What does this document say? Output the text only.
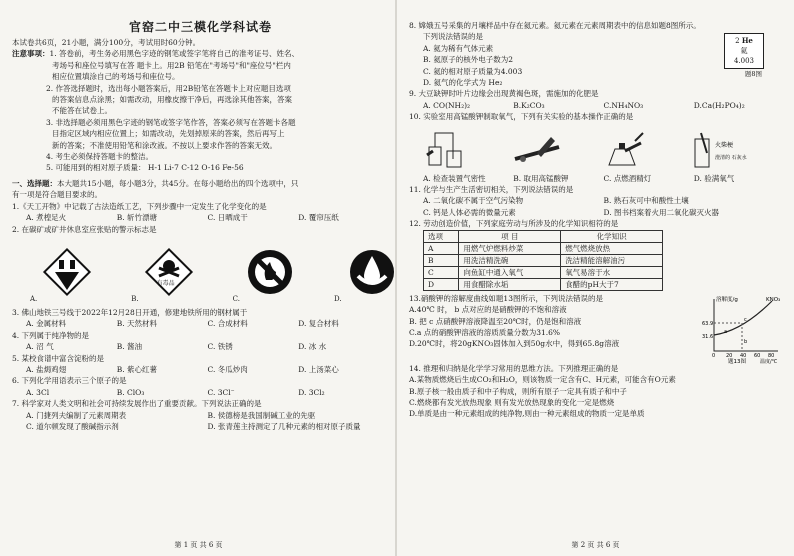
官窑二中三模化学科试卷
本试卷共6页，21小题，满分100分，考试用时60分钟。
注意事项：1. 答卷前，考生务必用黑色字迹的钢笔或签字笔将自己的准考证号、姓名、
考场号和座位号填写在答 题卡上。用2B 铅笔在"考场号"和"座位号"栏内
相应位置填涂自己的考场号和座位号。
2. 作答选择题时，选出每小题答案后，用2B铅笔在答题卡上对应题目选项
的答案信息点涂黑；如需改动，用橡皮擦干净后，再选涂其他答案，答案
不能答在试卷上。
3. 非选择题必须用黑色字迹的钢笔或签字笔作答，答案必须写在答题卡各题
目指定区域内相应位置上；如需改动，先划掉原来的答案，然后再写上
新的答案；不准使用铅笔和涂改液。不按以上要求作答的答案无效。
4. 考生必须保持答题卡的整洁。
5. 可能用到的相对原子质量： H-1 Li-7 C-12 O-16 Fe-56
一、选择题：本大题共15小题，每小题3分，共45分。在每小题给出的四个选项中，只
有一项是符合题目要求的。
1.《天工开物》中记载了古法造纸工艺，下列步骤中一定发生了化学变化的是
A. 煮楻足火	B. 斩竹漂塘	C. 日晒成干	D. 覆帘压纸
2. 在碳矿或矿井休息室应张贴的警示标志是
A.	B.
有毒品
C.	D.
3. 佛山地铁三号线于2022年12月28日开通，修建地铁所用的钢材属于
A. 金属材料	B. 天然材料	C. 合成材料	D. 复合材料
4. 下列属于纯净物的是
A. 沼 气	B. 酱油	C. 铁锈	D. 冰 水
5. 某校食谱中富含淀粉的是
A. 盐焗鸡翅	B. 紫心红薯	C. 冬瓜炒肉	D. 上汤菜心
6. 下列化学用语表示三个原子的是
A. 3Cl	B. ClO₃	C. 3Cl⁻	D. 3Cl₂
7. 科学家对人类文明和社会可持续发展作出了重要贡献。下列说法正确的是
A. 门捷列夫编制了元素周期表	B. 侯德榜是我国制碱工业的先驱
C. 道尔顿发现了酸碱指示剂	D. 张青莲主持测定了几种元素的相对原子质量
第 1 页 共 6 页
8. 嫦娥五号采集的月壤样品中存在氦元素。氦元素在元素周期表中的信息如题8图所示。
下列说法错误的是
A. 氦为稀有气体元素
B. 氦原子的核外电子数为2
C. 氦的相对原子质量为4.003
D. 氦气的化学式为 He₂
2 He
氦
4.003
题8图
9. 大豆缺钾时叶片边缘会出现黄褐色斑，需施加的化肥是
A. CO(NH₂)₂	B.K₂CO₃	C.NH₄NO₃	D.Ca(H₂PO₄)₂
10. 实验室用高锰酸钾制取氧气，下列有关实验的基本操作正确的是
火柴梗
澄清的 石灰水
A. 检查装置气密性	B. 取用高锰酸钾	C. 点燃酒精灯	D. 验满氧气
11. 化学与生产生活密切相关，下列说法错误的是
A. 二氧化碳不属于空气污染物	B. 熟石灰可中和酸性土壤
C. 钙是人体必需的微量元素	D. 图书档案着火用二氧化碳灭火器
12. 劳动创造价值，下列家庭劳动与所涉及的化学知识相符的是
选项	项 目	化学知识
A	用燃气炉燃料炒菜	燃气燃烧放热
B	用洗洁精洗碗	洗洁精能溶解油污
C	向鱼缸中通入氧气	氧气易溶于水
D	用食醋除水垢	食醋的pH大于7
13.硝酸钾的溶解度曲线如题13图所示，下列说法错误的是
A.40℃ 时， b 点对应的是硝酸钾的不饱和溶液
B. 把 c 点硝酸钾溶液降温至20℃时，仍是饱和溶液
C.a 点的硝酸钾溶液的溶质质量分数为31.6%
D.20℃时，将20gKNO₃固体加入到50g水中，得到65.8g溶液
溶解度/g	KNO₃
63.9
31.6
0 20 40 60 80
题13图	温度/℃
a
b
c
14. 推理和归纳是化学学习常用的思维方法。下列推理正确的是
A.某物质燃烧后生成CO₂和H₂O，则该物质一定含有C、H元素，可能含有O元素
B.原子核一般由质子和中子构成，则所有原子一定具有质子和中子
C.燃烧都有发光放热现象 则有发光放热现象的变化一定是燃烧
D.单质是由一种元素组成的纯净物,则由一种元素组成的物质一定是单质
第 2 页 共 6 页
